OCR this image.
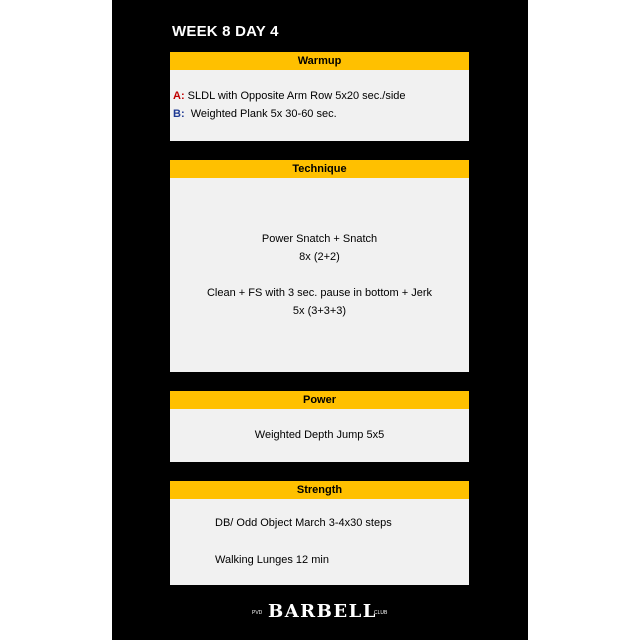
WEEK 8 DAY 4
Warmup
A: SLDL with Opposite Arm Row 5x20 sec./side
B:  Weighted Plank 5x 30-60 sec.
Technique
Power Snatch + Snatch
8x (2+2)
Clean + FS with 3 sec. pause in bottom + Jerk
5x (3+3+3)
Power
Weighted Depth Jump 5x5
Strength
DB/ Odd Object March 3-4x30 steps
Walking Lunges 12 min
PVD BARBELL
CLUB
